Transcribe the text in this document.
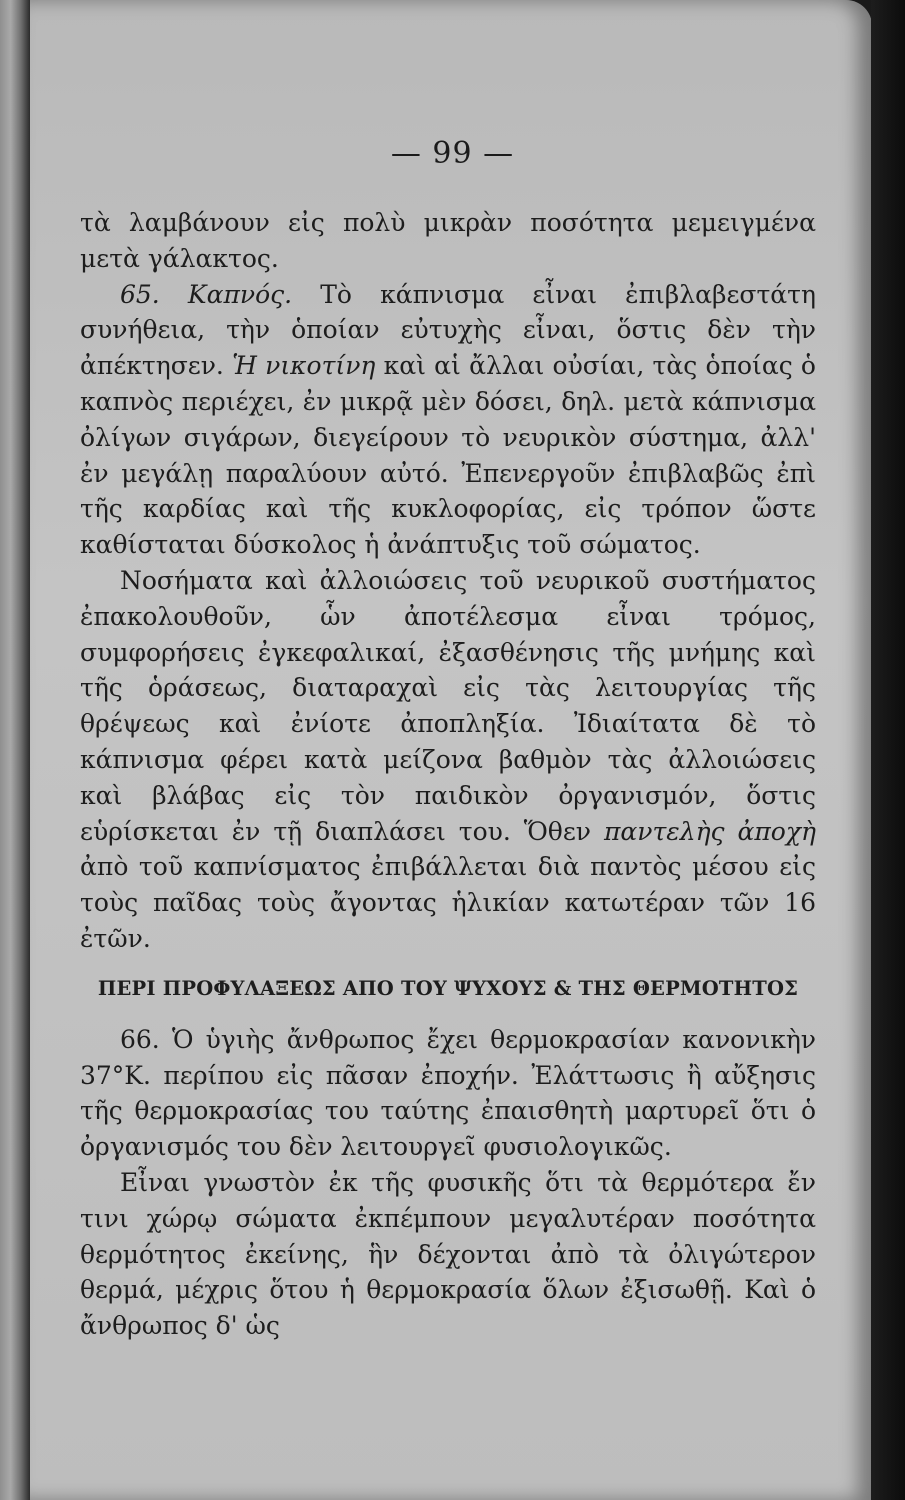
— 99 —

τὰ λαμβάνουν εἰς πολὺ μικρὰν ποσότητα μεμειγμένα μετὰ γάλακτος.

65. Καπνός. Τὸ κάπνισμα εἶναι ἐπιβλαβεστάτη συνήθεια, τὴν ὁποίαν εὐτυχὴς εἶναι, ὅστις δὲν τὴν ἀπέκτησεν. Ἡ νικοτίνη καὶ αἱ ἄλλαι οὐσίαι, τὰς ὁποίας ὁ καπνὸς περιέχει, ἐν μικρᾷ μὲν δόσει, δηλ. μετὰ κάπνισμα ὀλίγων σιγάρων, διεγείρουν τὸ νευρικὸν σύστημα, ἀλλ' ἐν μεγάλῃ παραλύουν αὐτό. Ἐπενεργοῦν ἐπιβλαβῶς ἐπὶ τῆς καρδίας καὶ τῆς κυκλοφορίας, εἰς τρόπον ὥστε καθίσταται δύσκολος ἡ ἀνάπτυξις τοῦ σώματος.

Νοσήματα καὶ ἀλλοιώσεις τοῦ νευρικοῦ συστήματος ἐπακολουθοῦν, ὧν ἀποτέλεσμα εἶναι τρόμος, συμφορήσεις ἐγκεφαλικαί, ἐξασθένησις τῆς μνήμης καὶ τῆς ὁράσεως, διαταραχαὶ εἰς τὰς λειτουργίας τῆς θρέψεως καὶ ἐνίοτε ἀποπληξία. Ἰδιαίτατα δὲ τὸ κάπνισμα φέρει κατὰ μείζονα βαθμὸν τὰς ἀλλοιώσεις καὶ βλάβας εἰς τὸν παιδικὸν ὀργανισμόν, ὅστις εὑρίσκεται ἐν τῇ διαπλάσει του. Ὅθεν παντελὴς ἀποχὴ ἀπὸ τοῦ καπνίσματος ἐπιβάλλεται διὰ παντὸς μέσου εἰς τοὺς παῖδας τοὺς ἄγοντας ἡλικίαν κατωτέραν τῶν 16 ἐτῶν.

ΠΕΡΙ ΠΡΟΦΥΛΑΞΕΩΣ ΑΠΟ ΤΟΥ ΨΥΧΟΥΣ & ΤΗΣ ΘΕΡΜΟΤΗΤΟΣ

66. Ὁ ὑγιὴς ἄνθρωπος ἔχει θερμοκρασίαν κανονικὴν 37°Κ. περίπου εἰς πᾶσαν ἐποχήν. Ἐλάττωσις ἢ αὔξησις τῆς θερμοκρασίας του ταύτης ἐπαισθητὴ μαρτυρεῖ ὅτι ὁ ὀργανισμός του δὲν λειτουργεῖ φυσιολογικῶς.

Εἶναι γνωστὸν ἐκ τῆς φυσικῆς ὅτι τὰ θερμότερα ἔν τινι χώρῳ σώματα ἐκπέμπουν μεγαλυτέραν ποσότητα θερμότητος ἐκείνης, ἣν δέχονται ἀπὸ τὰ ὀλιγώτερον θερμά, μέχρις ὅτου ἡ θερμοκρασία ὅλων ἐξισωθῇ. Καὶ ὁ ἄνθρωπος δ' ὡς
